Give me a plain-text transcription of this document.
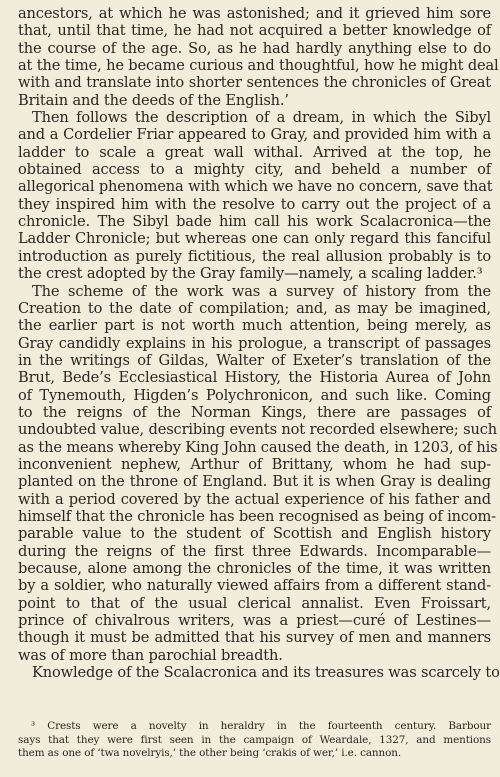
ancestors, at which he was astonished; and it grieved him sore
that, until that time, he had not acquired a better knowledge of
the course of the age. So, as he had hardly anything else to do
at the time, he became curious and thoughtful, how he might deal
with and translate into shorter sentences the chronicles of Great
Britain and the deeds of the English.’
Then follows the description of a dream, in which the Sibyl
and a Cordelier Friar appeared to Gray, and provided him with a
ladder to scale a great wall withal. Arrived at the top, he
obtained access to a mighty city, and beheld a number of
allegorical phenomena with which we have no concern, save that
they inspired him with the resolve to carry out the project of a
chronicle. The Sibyl bade him call his work Scalacronica—the
Ladder Chronicle; but whereas one can only regard this fanciful
introduction as purely fictitious, the real allusion probably is to
the crest adopted by the Gray family—namely, a scaling ladder.³
The scheme of the work was a survey of history from the
Creation to the date of compilation; and, as may be imagined,
the earlier part is not worth much attention, being merely, as
Gray candidly explains in his prologue, a transcript of passages
in the writings of Gildas, Walter of Exeter’s translation of the
Brut, Bede’s Ecclesiastical History, the Historia Aurea of John
of Tynemouth, Higden’s Polychronicon, and such like. Coming
to the reigns of the Norman Kings, there are passages of
undoubted value, describing events not recorded elsewhere; such
as the means whereby King John caused the death, in 1203, of his
inconvenient nephew, Arthur of Brittany, whom he had sup-
planted on the throne of England. But it is when Gray is dealing
with a period covered by the actual experience of his father and
himself that the chronicle has been recognised as being of incom-
parable value to the student of Scottish and English history
during the reigns of the first three Edwards. Incomparable—
because, alone among the chronicles of the time, it was written
by a soldier, who naturally viewed affairs from a different stand-
point to that of the usual clerical annalist. Even Froissart,
prince of chivalrous writers, was a priest—curé of Lestines—
though it must be admitted that his survey of men and manners
was of more than parochial breadth.
Knowledge of the Scalacronica and its treasures was scarcely to
³ Crests were a novelty in heraldry in the fourteenth century. Barbour
says that they were first seen in the campaign of Weardale, 1327, and mentions
them as one of ‘twa novelryis,’ the other being ‘crakis of wer,’ i.e. cannon.
